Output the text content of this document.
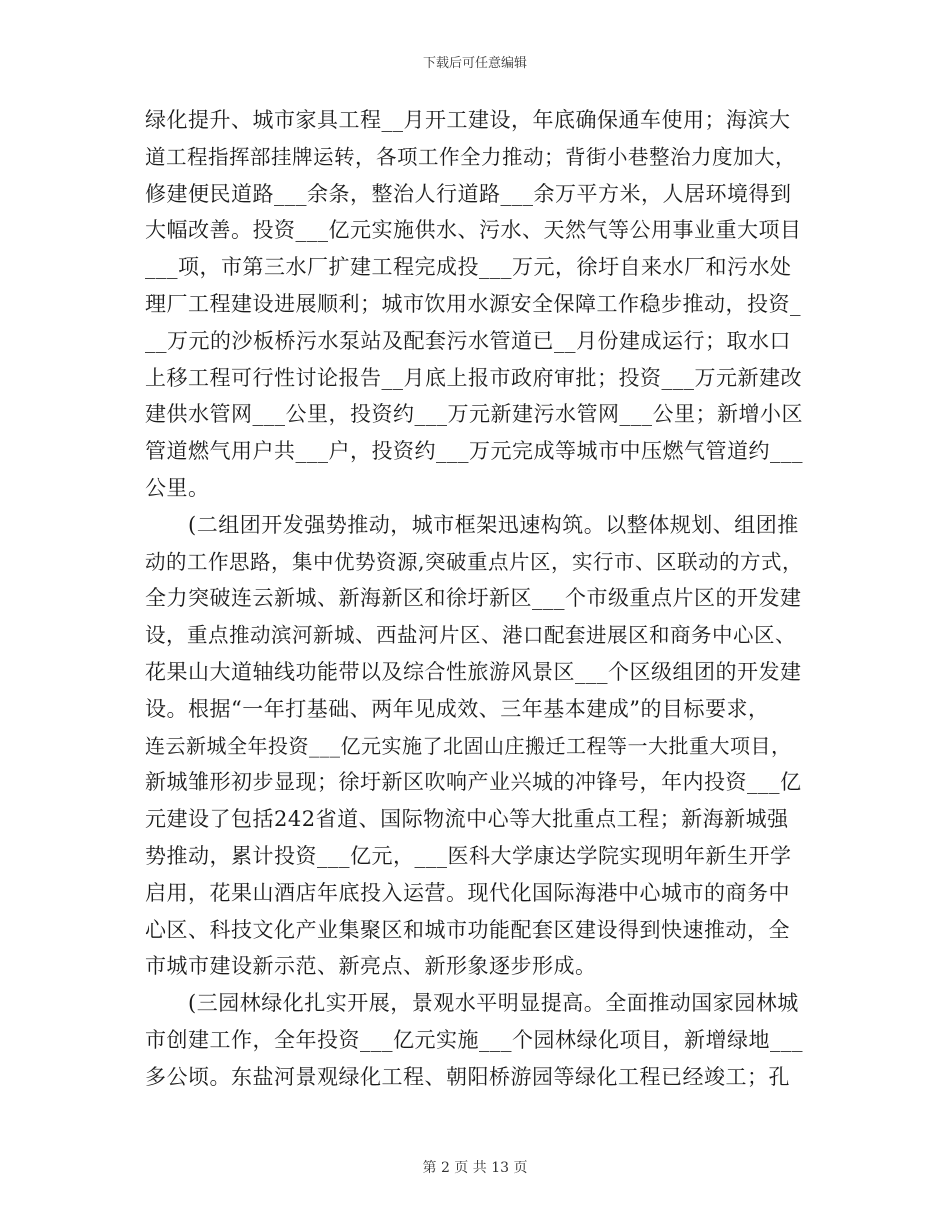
下载后可任意编辑
绿化提升、城市家具工程__月开工建设，年底确保通车使用；海滨大
道工程指挥部挂牌运转，各项工作全力推动；背街小巷整治力度加大，
修建便民道路___余条，整治人行道路___余万平方米，人居环境得到
大幅改善。投资___亿元实施供水、污水、天然气等公用事业重大项目
___项，市第三水厂扩建工程完成投___万元，徐圩自来水厂和污水处
理厂工程建设进展顺利；城市饮用水源安全保障工作稳步推动，投资_
__万元的沙板桥污水泵站及配套污水管道已__月份建成运行；取水口
上移工程可行性讨论报告__月底上报市政府审批；投资___万元新建改
建供水管网___公里，投资约___万元新建污水管网___公里；新增小区
管道燃气用户共___户，投资约___万元完成等城市中压燃气管道约___
公里。
　　(二组团开发强势推动，城市框架迅速构筑。以整体规划、组团推
动的工作思路，集中优势资源,突破重点片区，实行市、区联动的方式，
全力突破连云新城、新海新区和徐圩新区___个市级重点片区的开发建
设，重点推动滨河新城、西盐河片区、港口配套进展区和商务中心区、
花果山大道轴线功能带以及综合性旅游风景区___个区级组团的开发建
设。根据“一年打基础、两年见成效、三年基本建成”的目标要求，
连云新城全年投资___亿元实施了北固山庄搬迁工程等一大批重大项目，
新城雏形初步显现；徐圩新区吹响产业兴城的冲锋号，年内投资___亿
元建设了包括242省道、国际物流中心等大批重点工程；新海新城强
势推动，累计投资___亿元，___医科大学康达学院实现明年新生开学
启用，花果山酒店年底投入运营。现代化国际海港中心城市的商务中
心区、科技文化产业集聚区和城市功能配套区建设得到快速推动，全
市城市建设新示范、新亮点、新形象逐步形成。
　　(三园林绿化扎实开展，景观水平明显提高。全面推动国家园林城
市创建工作，全年投资___亿元实施___个园林绿化项目，新增绿地___
多公顷。东盐河景观绿化工程、朝阳桥游园等绿化工程已经竣工；孔
第 2 页 共 13 页
